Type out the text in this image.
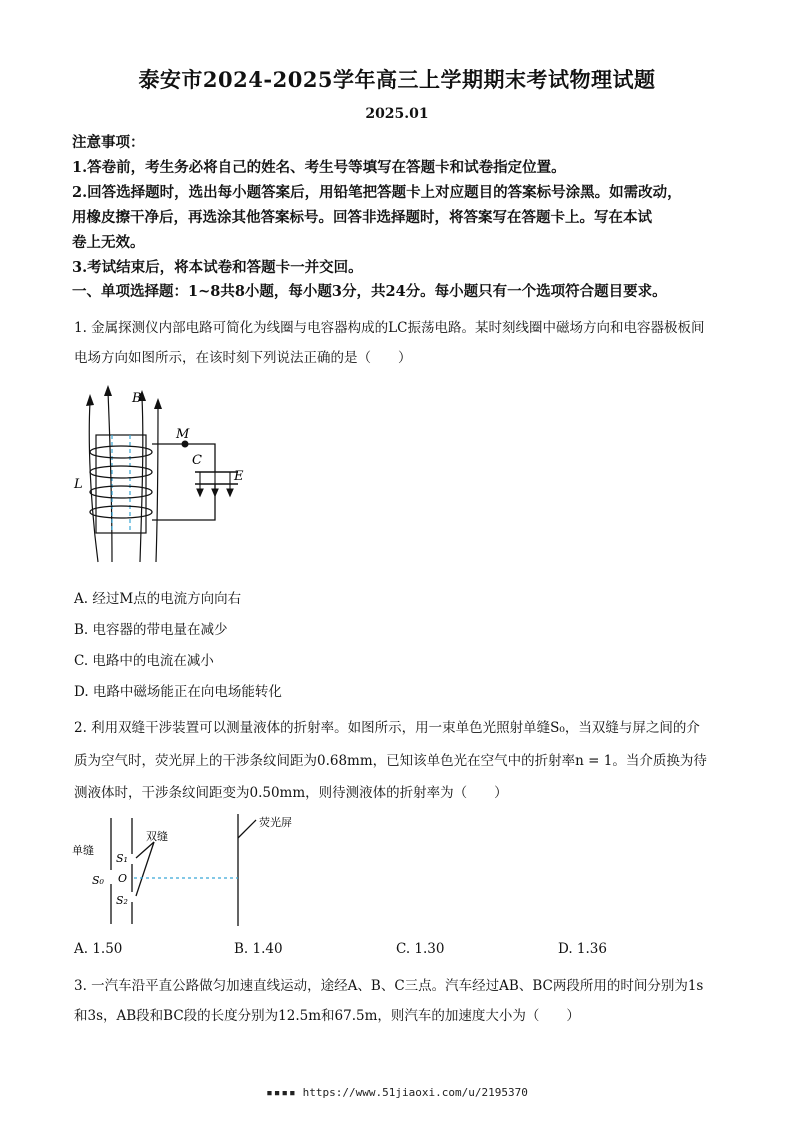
泰安市2024-2025学年高三上学期期末考试物理试题
2025.01
注意事项：
1.答卷前，考生务必将自己的姓名、考生号等填写在答题卡和试卷指定位置。
2.回答选择题时，选出每小题答案后，用铅笔把答题卡上对应题目的答案标号涂黑。如需改动，
用橡皮擦干净后，再选涂其他答案标号。回答非选择题时，将答案写在答题卡上。写在本试
卷上无效。
3.考试结束后，将本试卷和答题卡一并交回。
一、单项选择题：1~8共8小题，每小题3分，共24分。每小题只有一个选项符合题目要求。
1. 金属探测仪内部电路可简化为线圈与电容器构成的LC振荡电路。某时刻线圈中磁场方向和电容器极板间
电场方向如图所示，在该时刻下列说法正确的是（　　）
B
M
C
E
L
A. 经过M点的电流方向向右
B. 电容器的带电量在减少
C. 电路中的电流在减小
D. 电路中磁场能正在向电场能转化
2. 利用双缝干涉装置可以测量液体的折射率。如图所示，用一束单色光照射单缝S₀，当双缝与屏之间的介
质为空气时，荧光屏上的干涉条纹间距为0.68mm，已知该单色光在空气中的折射率n = 1。当介质换为待
测液体时，干涉条纹间距变为0.50mm，则待测液体的折射率为（　　）
荧光屏
双缝
单缝
S₁
S₀ O
S₂
A. 1.50	B. 1.40	C. 1.30	D. 1.36
3. 一汽车沿平直公路做匀加速直线运动，途经A、B、C三点。汽车经过AB、BC两段所用的时间分别为1s
和3s，AB段和BC段的长度分别为12.5m和67.5m，则汽车的加速度大小为（　　）
▪▪▪▪ https://www.51jiaoxi.com/u/2195370
